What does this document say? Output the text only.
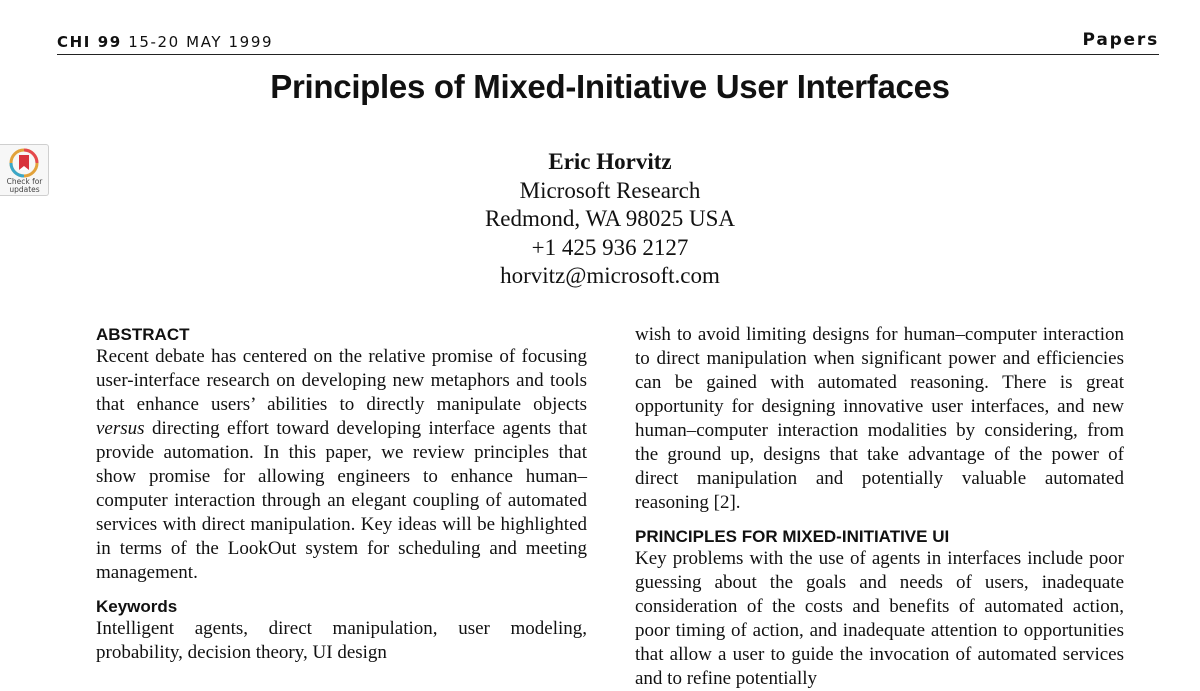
CHI 99 15-20 MAY 1999	Papers
Principles of Mixed-Initiative User Interfaces
Check for
updates
Eric Horvitz
Microsoft Research
Redmond, WA 98025 USA
+1 425 936 2127
horvitz@microsoft.com
ABSTRACT

Recent debate has centered on the relative promise of focusing user-interface research on developing new metaphors and tools that enhance users’ abilities to directly manipulate objects versus directing effort toward developing interface agents that provide automation. In this paper, we review principles that show promise for allowing engineers to enhance human–computer interaction through an elegant coupling of automated services with direct manipulation. Key ideas will be highlighted in terms of the LookOut system for scheduling and meeting management.

Keywords

Intelligent agents, direct manipulation, user modeling, probability, decision theory, UI design

wish to avoid limiting designs for human–computer interaction to direct manipulation when significant power and efficiencies can be gained with automated reasoning. There is great opportunity for designing innovative user interfaces, and new human–computer interaction modalities by considering, from the ground up, designs that take advantage of the power of direct manipulation and potentially valuable automated reasoning [2].

PRINCIPLES FOR MIXED-INITIATIVE UI

Key problems with the use of agents in interfaces include poor guessing about the goals and needs of users, inadequate consideration of the costs and benefits of automated action, poor timing of action, and inadequate attention to opportunities that allow a user to guide the invocation of automated services and to refine potentially
